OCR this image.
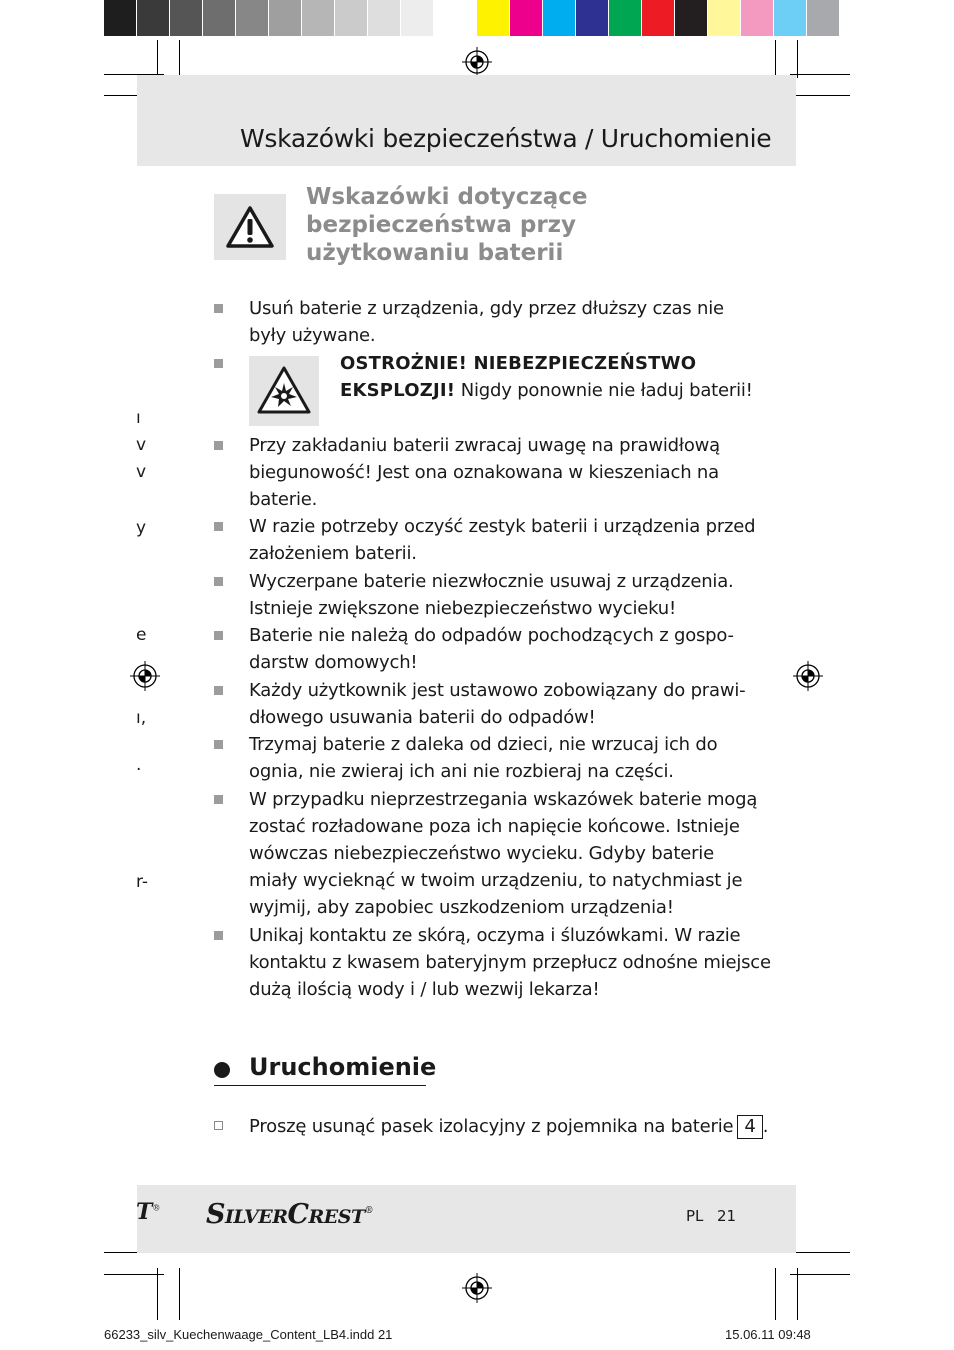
Wskazówki bezpieczeństwa / Uruchomienie
Wskazówki dotyczące
bezpieczeństwa przy
użytkowaniu baterii
Usuń baterie z urządzenia, gdy przez dłuższy czas nie
były używane.
OSTROŻNIE! NIEBEZPIECZEŃSTWO
EKSPLOZJI! Nigdy ponownie nie ładuj baterii!
Przy zakładaniu baterii zwracaj uwagę na prawidłową
biegunowość! Jest ona oznakowana w kieszeniach na
baterie.
W razie potrzeby oczyść zestyk baterii i urządzenia przed
założeniem baterii.
Wyczerpane baterie niezwłocznie usuwaj z urządzenia.
Istnieje zwiększone niebezpieczeństwo wycieku!
Baterie nie należą do odpadów pochodzących z gospo-
darstw domowych!
Każdy użytkownik jest ustawowo zobowiązany do prawi-
dłowego usuwania baterii do odpadów!
Trzymaj baterie z daleka od dzieci, nie wrzucaj ich do
ognia, nie zwieraj ich ani nie rozbieraj na części.
W przypadku nieprzestrzegania wskazówek baterie mogą
zostać rozładowane poza ich napięcie końcowe. Istnieje
wówczas niebezpieczeństwo wycieku. Gdyby baterie
miały wycieknąć w twoim urządzeniu, to natychmiast je
wyjmij, aby zapobiec uszkodzeniom urządzenia!
Unikaj kontaktu ze skórą, oczyma i śluzówkami. W razie
kontaktu z kwasem bateryjnym przepłucz odnośne miejsce
dużą ilością wody i / lub wezwij lekarza!
Uruchomienie
Proszę usunąć pasek izolacyjny z pojemnika na baterie 4 .
ı
v
v
y
e
ı,
·
r-
T® SILVERCREST®	PL 21
66233_silv_Kuechenwaage_Content_LB4.indd 21	15.06.11 09:48
